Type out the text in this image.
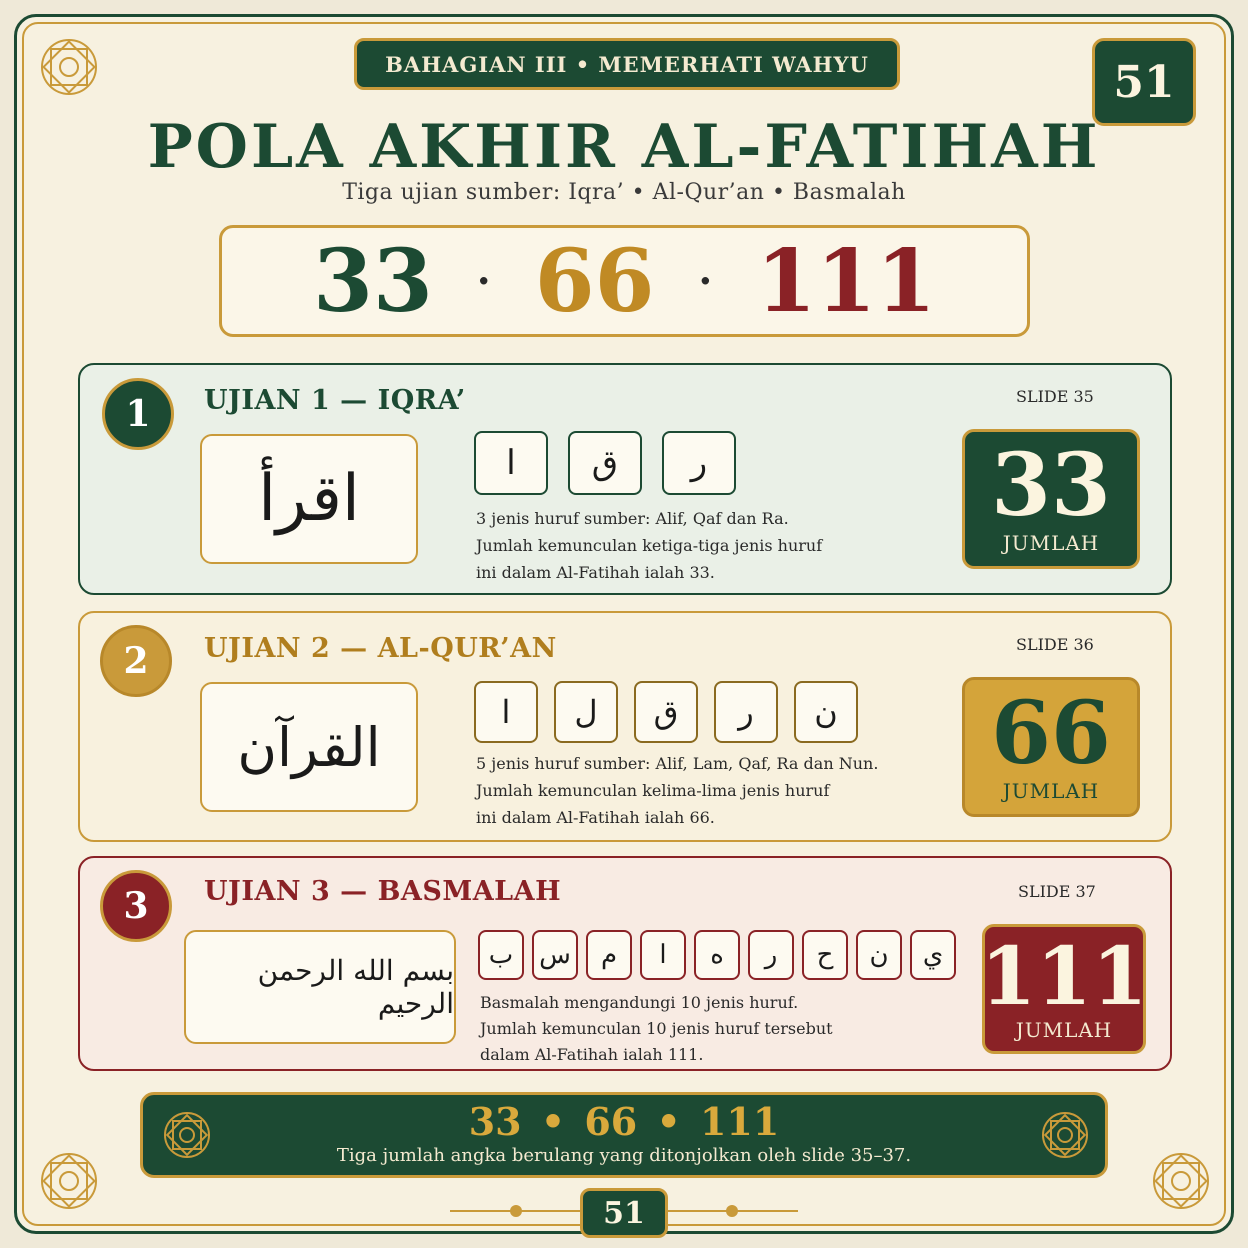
BAHAGIAN III • MEMERHATI WAHYU	51
POLA AKHIR AL-FATIHAH
Tiga ujian sumber: Iqra’ • Al-Qur’an • Basmalah
33 · 66 · 111
1	UJIAN 1 — IQRA’	SLIDE 35
اقرأ	ا	ق	ر
3 jenis huruf sumber: Alif, Qaf dan Ra.
Jumlah kemunculan ketiga-tiga jenis huruf
ini dalam Al-Fatihah ialah 33.
33
JUMLAH
2	UJIAN 2 — AL-QUR’AN	SLIDE 36
القرآن
ا	ل	ق	ر	ن
5 jenis huruf sumber: Alif, Lam, Qaf, Ra dan Nun.
Jumlah kemunculan kelima-lima jenis huruf
ini dalam Al-Fatihah ialah 66.
66
JUMLAH
3	UJIAN 3 — BASMALAH	SLIDE 37
بسم الله الرحمن الرحيم
ب س	م	ا	ه	ر	ح	ن	ي
Basmalah mengandungi 10 jenis huruf.
Jumlah kemunculan 10 jenis huruf tersebut
dalam Al-Fatihah ialah 111.
111
JUMLAH
33 • 66 • 111
Tiga jumlah angka berulang yang ditonjolkan oleh slide 35–37.
51
